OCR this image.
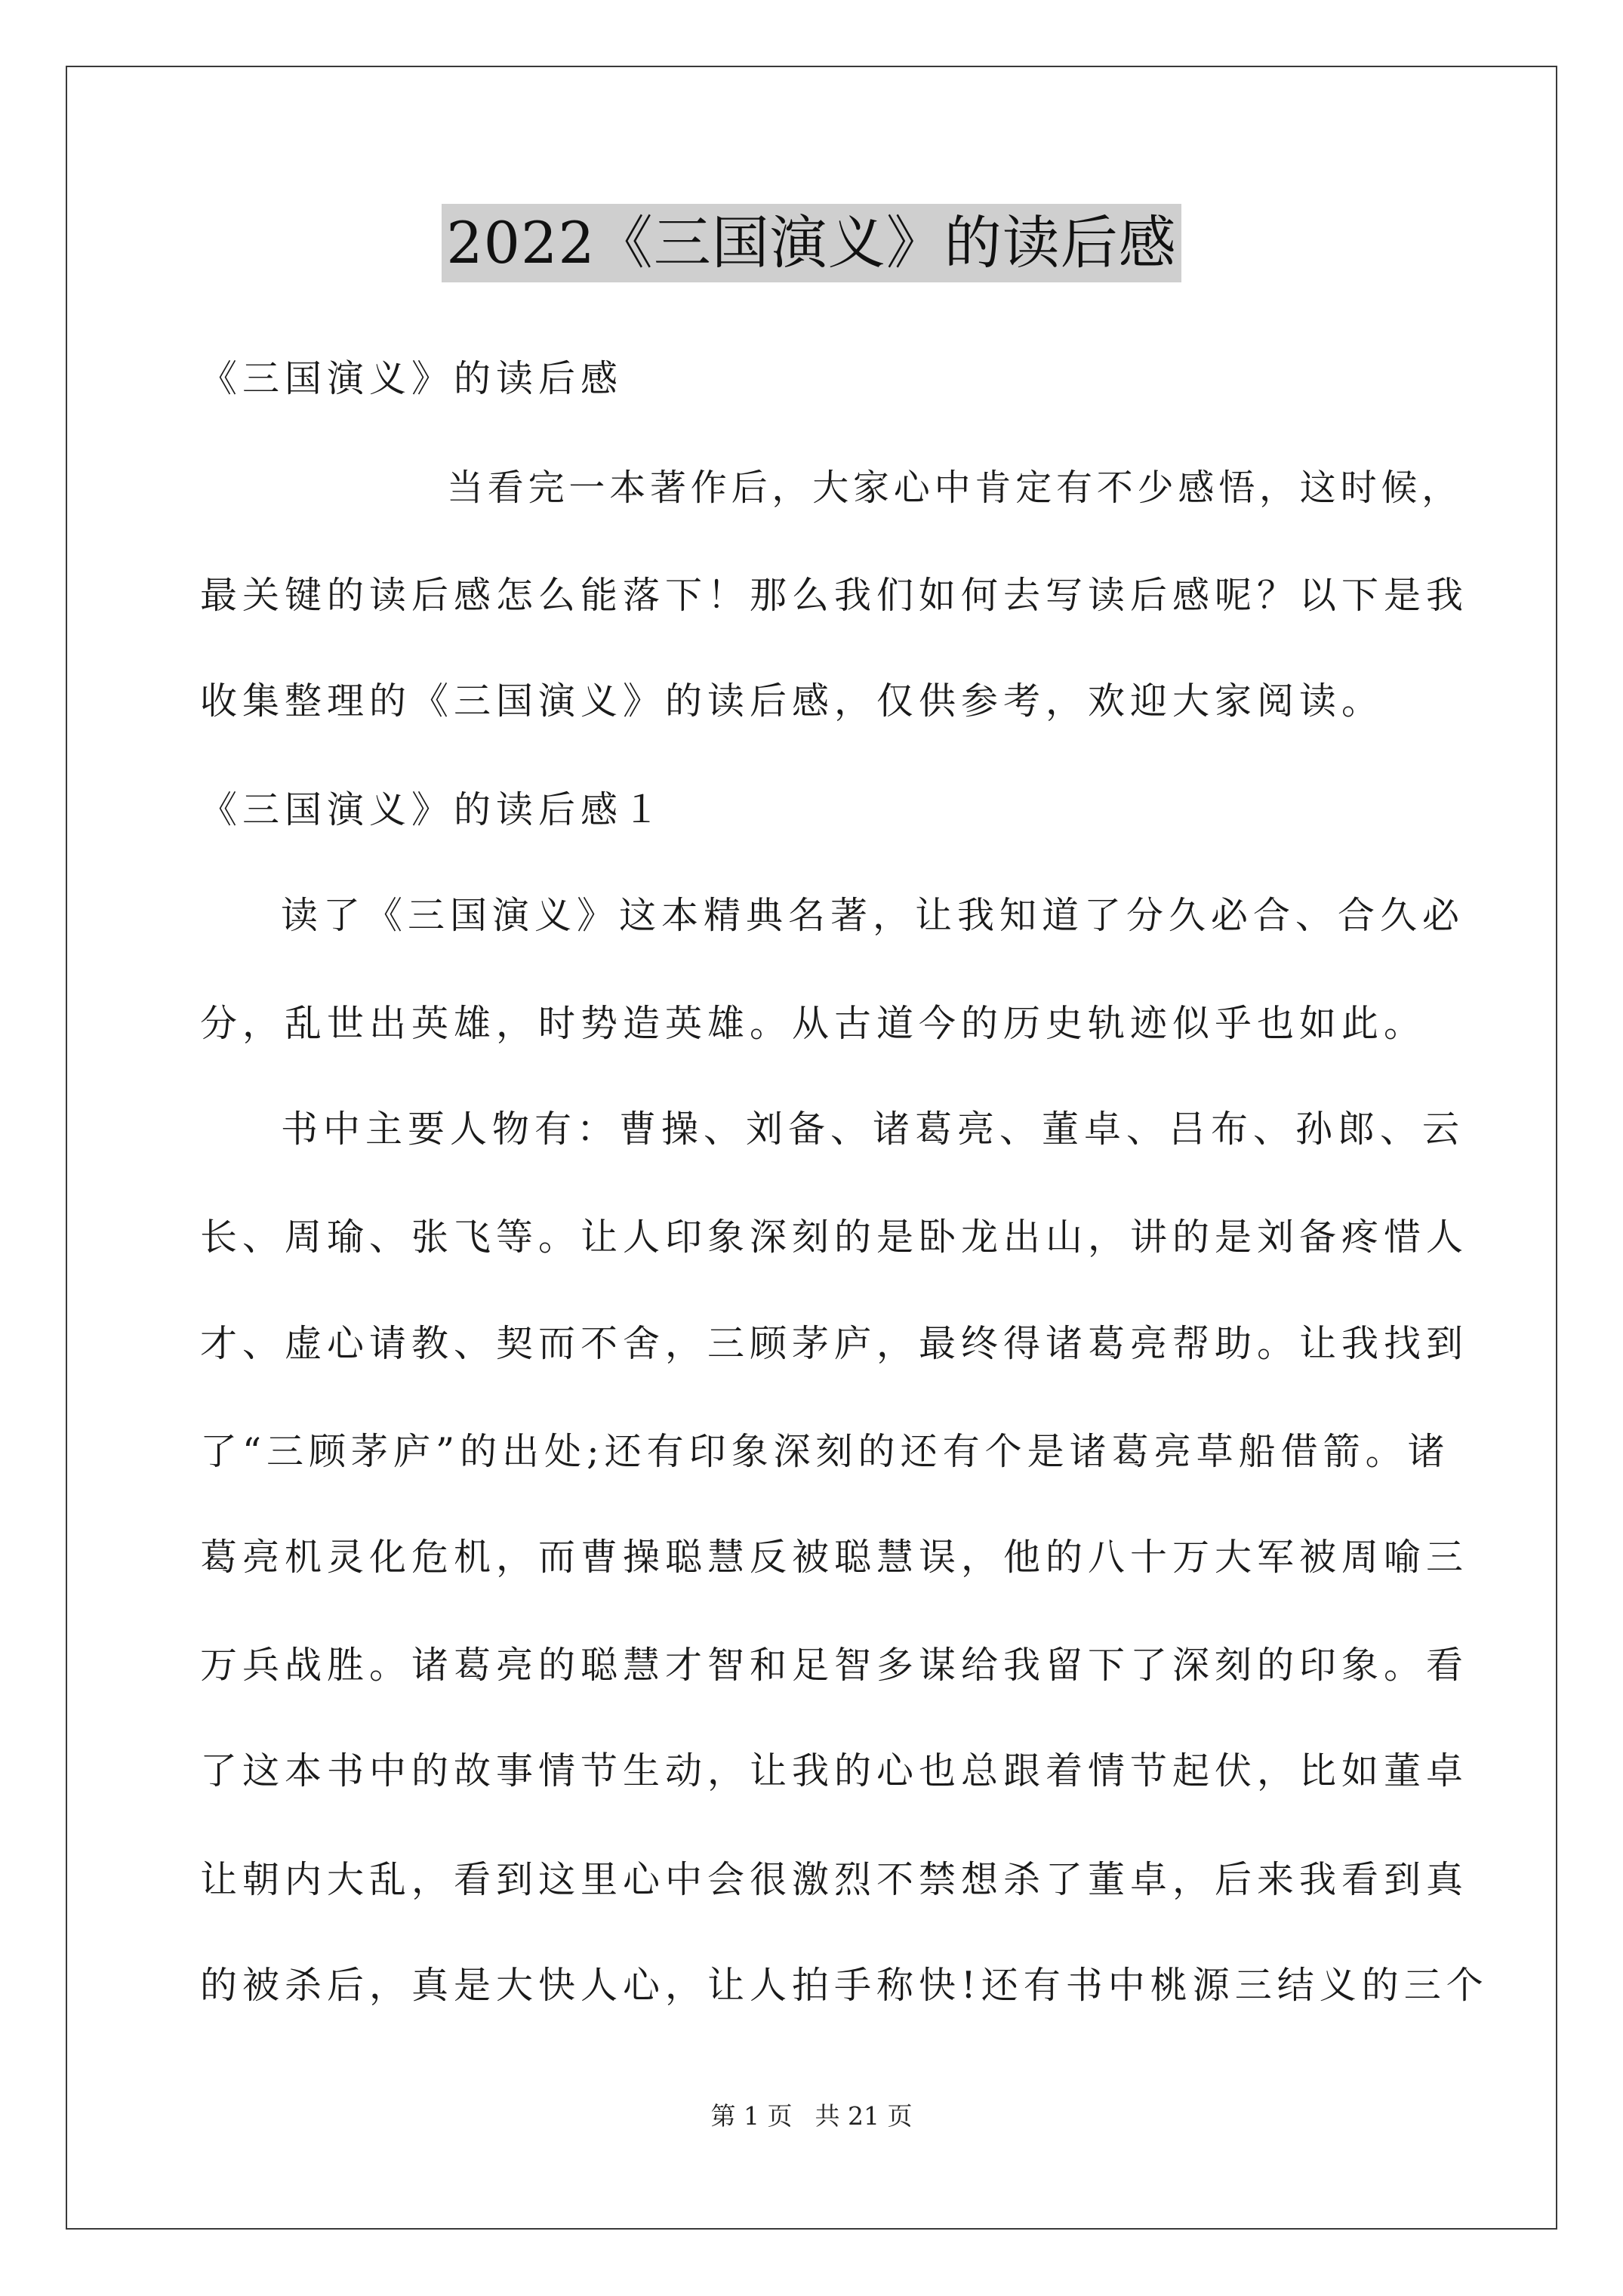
2022《三国演义》的读后感
《三国演义》的读后感
当看完一本著作后，大家心中肯定有不少感悟，这时候，
最关键的读后感怎么能落下！那么我们如何去写读后感呢？以下是我
收集整理的《三国演义》的读后感，仅供参考，欢迎大家阅读。
《三国演义》的读后感１
读了《三国演义》这本精典名著，让我知道了分久必合、合久必
分，乱世出英雄，时势造英雄。从古道今的历史轨迹似乎也如此。
书中主要人物有：曹操、刘备、诸葛亮、董卓、吕布、孙郎、云
长、周瑜、张飞等。让人印象深刻的是卧龙出山，讲的是刘备疼惜人
才、虚心请教、契而不舍，三顾茅庐，最终得诸葛亮帮助。让我找到
了“三顾茅庐”的出处;还有印象深刻的还有个是诸葛亮草船借箭。诸
葛亮机灵化危机，而曹操聪慧反被聪慧误，他的八十万大军被周喻三
万兵战胜。诸葛亮的聪慧才智和足智多谋给我留下了深刻的印象。看
了这本书中的故事情节生动，让我的心也总跟着情节起伏，比如董卓
让朝内大乱，看到这里心中会很激烈不禁想杀了董卓，后来我看到真
的被杀后，真是大快人心，让人拍手称快!还有书中桃源三结义的三个
第 1 页 共 21 页
